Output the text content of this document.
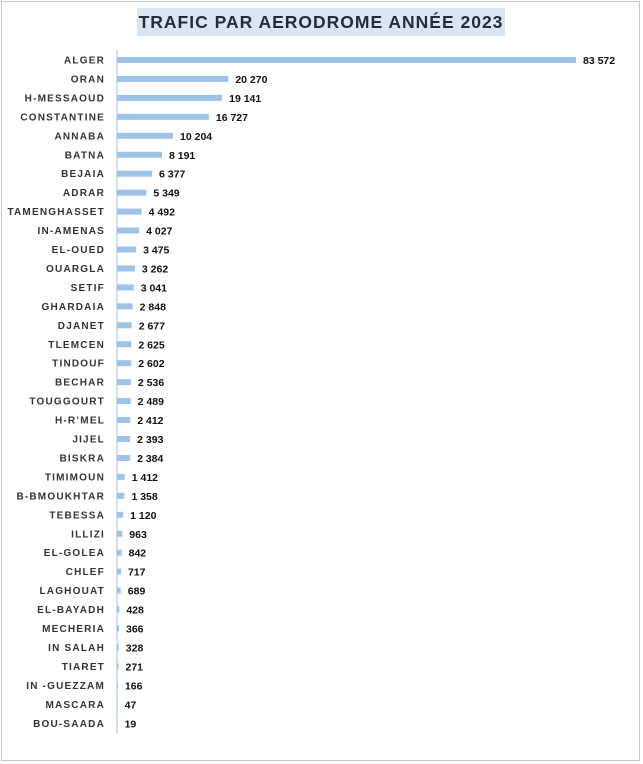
TRAFIC PAR AERODROME ANNÉE 2023
ALGER	83 572
ORAN	20 270
H-MESSAOUD	19 141
CONSTANTINE	16 727
ANNABA	10 204
BATNA	8 191
BEJAIA	6 377
ADRAR	5 349
TAMENGHASSET	4 492
IN-AMENAS	4 027
EL-OUED	3 475
OUARGLA	3 262
SETIF	3 041
GHARDAIA	2 848
DJANET	2 677
TLEMCEN	2 625
TINDOUF	2 602
BECHAR	2 536
TOUGGOURT	2 489
H-R’MEL	2 412
JIJEL	2 393
BISKRA	2 384
TIMIMOUN	1 412
B-BMOUKHTAR	1 358
TEBESSA 1 120
ILLIZI 963
EL-GOLEA 842
CHLEF 717
LAGHOUAT 689
EL-BAYADH 428
MECHERIA 366
IN SALAH 328
TIARET 271
IN -GUEZZAM 166
MASCARA 47
BOU-SAADA 19
